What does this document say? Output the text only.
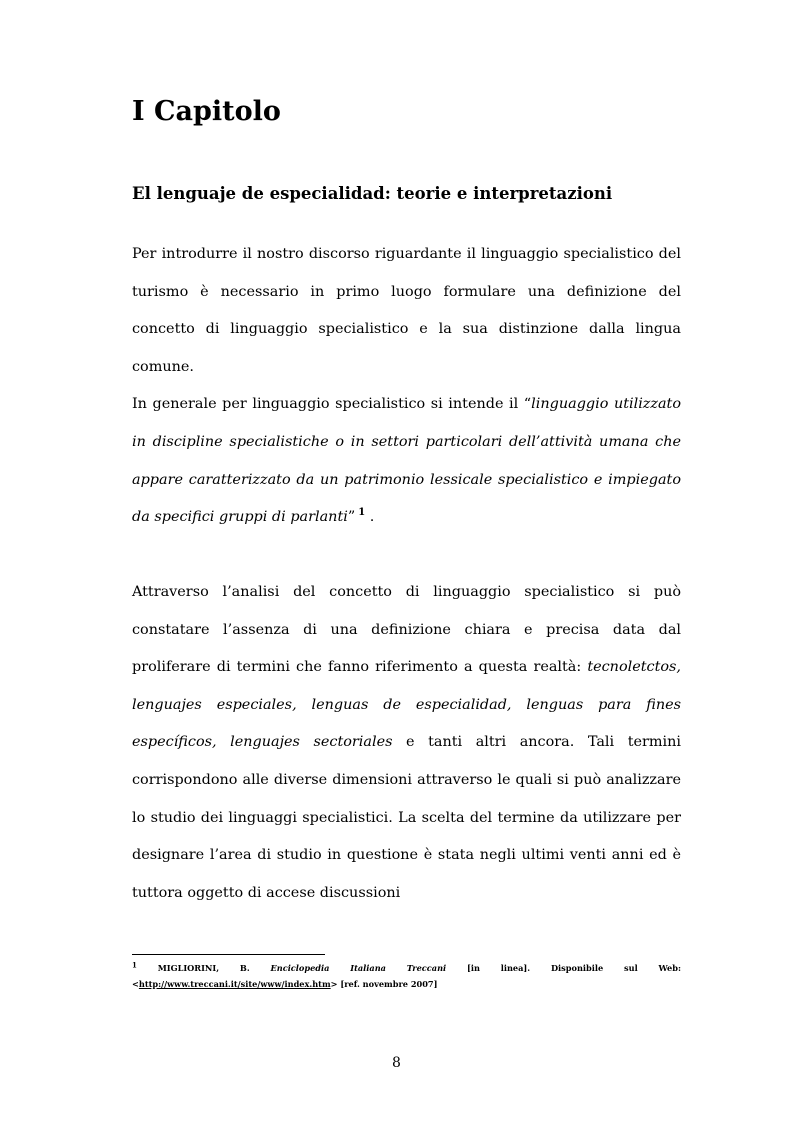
I Capitolo
El lenguaje de especialidad: teorie e interpretazioni

Per introdurre il nostro discorso riguardante il linguaggio specialistico del turismo è necessario in primo luogo formulare una definizione del concetto di linguaggio specialistico e la sua distinzione dalla lingua comune.
In generale per linguaggio specialistico si intende il “linguaggio utilizzato in discipline specialistiche o in settori particolari dell’attività umana che appare caratterizzato da un patrimonio lessicale specialistico e impiegato da specifici gruppi di parlanti” $^1$ .

Attraverso l’analisi del concetto di linguaggio specialistico si può constatare l’assenza di una definizione chiara e precisa data dal proliferare di termini che fanno riferimento a questa realtà: tecnoletctos, lenguajes especiales, lenguas de especialidad, lenguas para fines específicos, lenguajes sectoriales e tanti altri ancora. Tali termini corrispondono alle diverse dimensioni attraverso le quali si può analizzare lo studio dei linguaggi specialistici. La scelta del termine da utilizzare per designare l’area di studio in questione è stata negli ultimi venti anni ed è tuttora oggetto di accese discussioni

1 MIGLIORINI, B. Enciclopedia Italiana Treccani [in linea]. Disponibile sul Web: <http://www.treccani.it/site/www/index.htm> [ref. novembre 2007]

8
